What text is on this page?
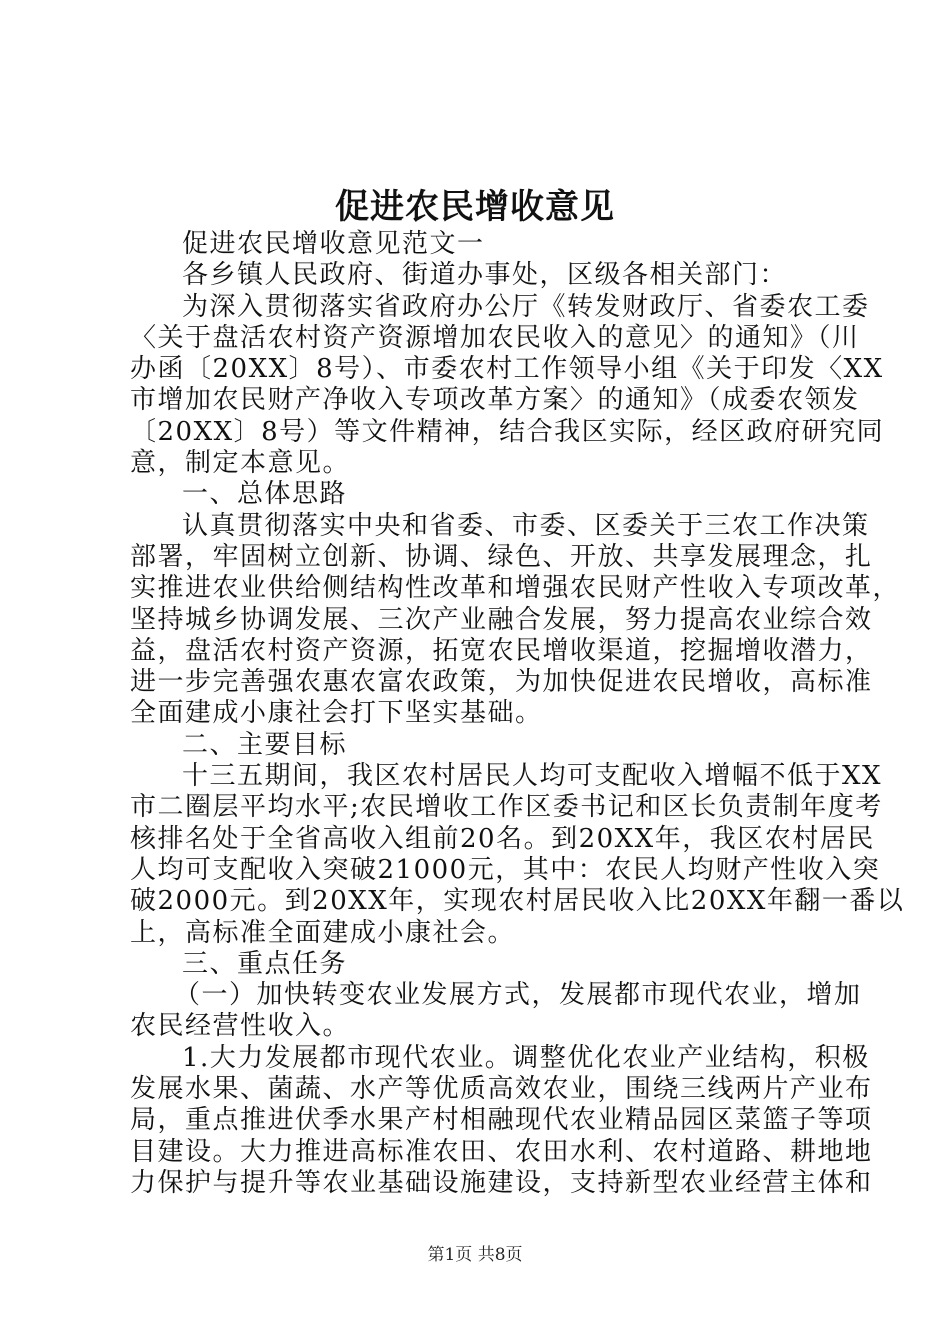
促进农民增收意见
促进农民增收意见范文一
各乡镇人民政府、街道办事处，区级各相关部门：
为深入贯彻落实省政府办公厅《转发财政厅、省委农工委
〈关于盘活农村资产资源增加农民收入的意见〉的通知》（川
办函〔20XX〕8号）、市委农村工作领导小组《关于印发〈XX
市增加农民财产净收入专项改革方案〉的通知》（成委农领发
〔20XX〕8号）等文件精神，结合我区实际，经区政府研究同
意，制定本意见。
一、总体思路
认真贯彻落实中央和省委、市委、区委关于三农工作决策
部署，牢固树立创新、协调、绿色、开放、共享发展理念，扎
实推进农业供给侧结构性改革和增强农民财产性收入专项改革，
坚持城乡协调发展、三次产业融合发展，努力提高农业综合效
益，盘活农村资产资源，拓宽农民增收渠道，挖掘增收潜力，
进一步完善强农惠农富农政策，为加快促进农民增收，高标准
全面建成小康社会打下坚实基础。
二、主要目标
十三五期间，我区农村居民人均可支配收入增幅不低于XX
市二圈层平均水平;农民增收工作区委书记和区长负责制年度考
核排名处于全省高收入组前20名。到20XX年，我区农村居民
人均可支配收入突破21000元，其中：农民人均财产性收入突
破2000元。到20XX年，实现农村居民收入比20XX年翻一番以
上，高标准全面建成小康社会。
三、重点任务
（一）加快转变农业发展方式，发展都市现代农业，增加
农民经营性收入。
1.大力发展都市现代农业。调整优化农业产业结构，积极
发展水果、菌蔬、水产等优质高效农业，围绕三线两片产业布
局，重点推进伏季水果产村相融现代农业精品园区菜篮子等项
目建设。大力推进高标准农田、农田水利、农村道路、耕地地
力保护与提升等农业基础设施建设，支持新型农业经营主体和
第1页 共8页
